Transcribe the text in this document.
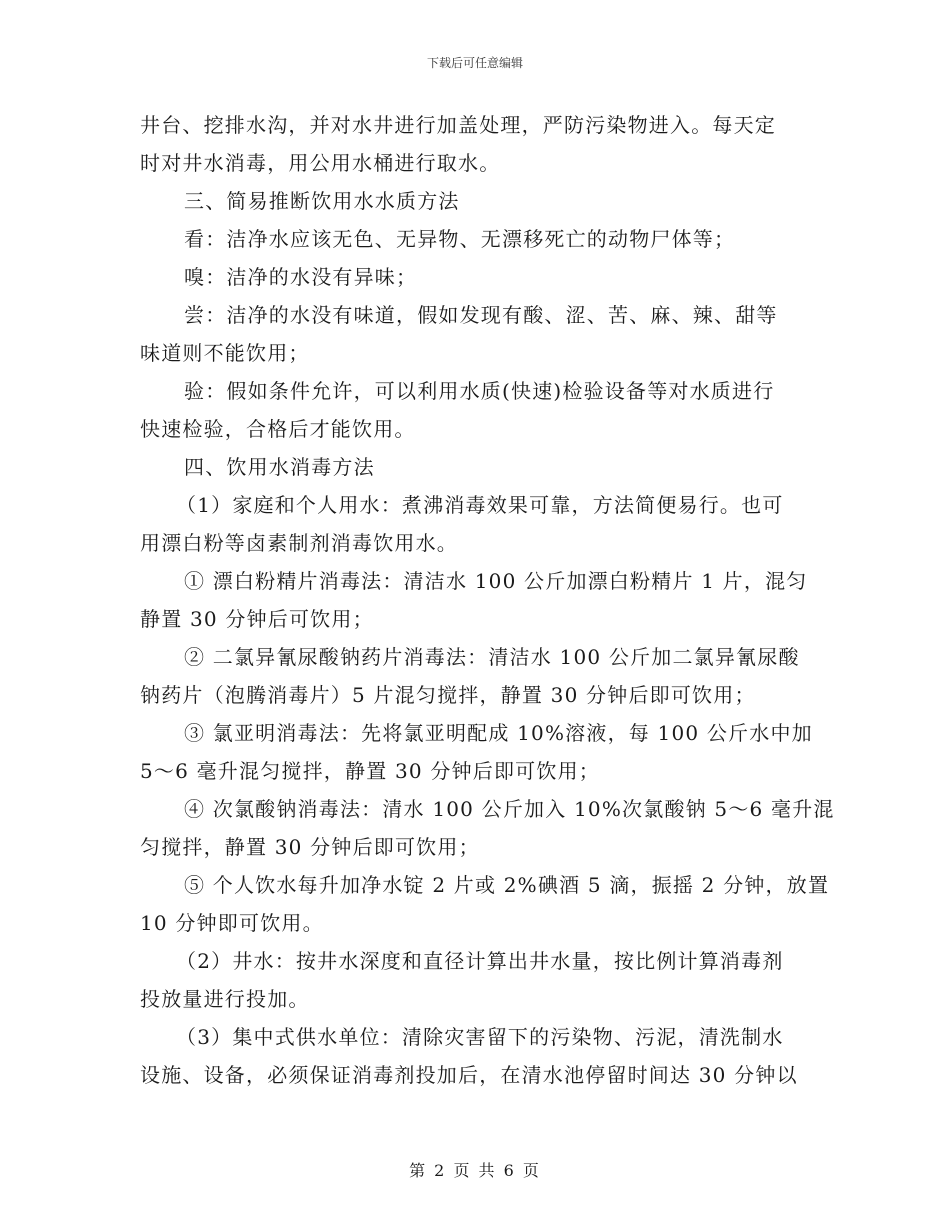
下载后可任意编辑
井台、挖排水沟，并对水井进行加盖处理，严防污染物进入。每天定
时对井水消毒，用公用水桶进行取水。
三、简易推断饮用水水质方法
看：洁净水应该无色、无异物、无漂移死亡的动物尸体等；
嗅：洁净的水没有异味；
尝：洁净的水没有味道，假如发现有酸、涩、苦、麻、辣、甜等
味道则不能饮用；
验：假如条件允许，可以利用水质(快速)检验设备等对水质进行
快速检验，合格后才能饮用。
四、饮用水消毒方法
（1）家庭和个人用水：煮沸消毒效果可靠，方法简便易行。也可
用漂白粉等卤素制剂消毒饮用水。
① 漂白粉精片消毒法：清洁水 100 公斤加漂白粉精片 1 片，混匀
静置 30 分钟后可饮用；
② 二氯异氰尿酸钠药片消毒法：清洁水 100 公斤加二氯异氰尿酸
钠药片（泡腾消毒片）5 片混匀搅拌，静置 30 分钟后即可饮用；
③ 氯亚明消毒法：先将氯亚明配成 10%溶液，每 100 公斤水中加
5～6 毫升混匀搅拌，静置 30 分钟后即可饮用；
④ 次氯酸钠消毒法：清水 100 公斤加入 10%次氯酸钠 5～6 毫升混
匀搅拌，静置 30 分钟后即可饮用；
⑤ 个人饮水每升加净水锭 2 片或 2%碘酒 5 滴，振摇 2 分钟，放置
10 分钟即可饮用。
（2）井水：按井水深度和直径计算出井水量，按比例计算消毒剂
投放量进行投加。
（3）集中式供水单位：清除灾害留下的污染物、污泥，清洗制水
设施、设备，必须保证消毒剂投加后，在清水池停留时间达 30 分钟以
第 2 页 共 6 页
